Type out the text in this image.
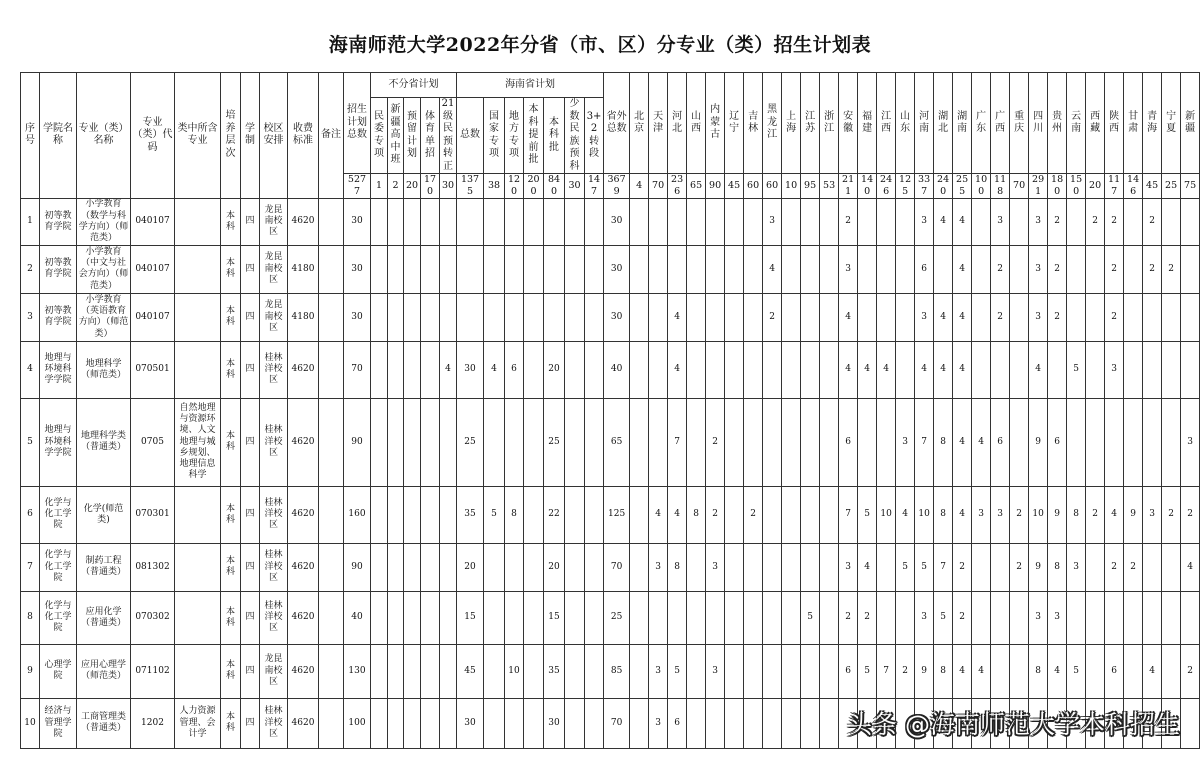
海南师范大学2022年分省（市、区）分专业（类）招生计划表
序号	学院名称	专业（类）名称	专业（类）代码	类中所含专业	培养层次	学制	校区安排	收费标准	备注	招生计划总数	不分省计划					海南省计划							省外总数	北京	天津	河北	山西	内蒙古	辽宁	吉林	黑龙江	上海	江苏	浙江	安徽	福建	江西	山东	河南	湖北	湖南	广东	广西	重庆	四川	贵州	云南	西藏	陕西	甘肃	青海	宁夏	新疆
											民委专项	新疆高中班	预留计划	体育单招	21级民预转正	总数	国家专项	地方专项	本科提前批	本科批	少数民族预科	3+2转段																															
										5277	1	2	20	170	30	1375	38	120	200	840	30	147	3679	4	70	236	65	90	45	60	60	10	95	53	211	140	246	125	337	240	255	100	118	70	291	180	150	20	117	146	45	25	75
1	初等教育学院	小学教育（数学与科学方向）（师范类）	040107		本科	四	龙昆南校区	4620		30													30								3				2				3	4	4		3		3	2		2	2		2		
2	初等教育学院	小学教育（中文与社会方向）（师范类）	040107		本科	四	龙昆南校区	4180		30													30								4				3				6		4		2		3	2			2		2	2	
3	初等教育学院	小学教育（英语教育方向）（师范类）	040107		本科	四	龙昆南校区	4180		30													30			4					2				4				3	4	4		2		3	2			2				
4	地理与环境科学学院	地理科学（师范类）	070501		本科	四	桂林洋校区	4620		70					4	30	4	6		20			40			4									4	4	4		4	4	4				4		5		3				
5	地理与环境科学学院	地理科学类（普通类）	0705	自然地理与资源环境、人文地理与城乡规划、地理信息科学	本科	四	桂林洋校区	4620		90						25				25			65			7		2							6			3	7	8	4	4	6		9	6							3
6	化学与化工学院	化学(师范类)	070301		本科	四	桂林洋校区	4620		160						35	5	8		22			125		4	4	8	2		2					7	5	10	4	10	8	4	3	3	2	10	9	8	2	4	9	3	2	2
7	化学与化工学院	制药工程（普通类）	081302		本科	四	桂林洋校区	4620		90						20				20			70		3	8		3							3	4		5	5	7	2			2	9	8	3		2	2			4
8	化学与化工学院	应用化学（普通类）	070302		本科	四	桂林洋校区	4620		40						15				15			25										5		2	2			3	5	2				3	3							
9	心理学院	应用心理学（师范类）	071102		本科	四	龙昆南校区	4620		130						45		10		35			85		3	5		3							6	5	7	2	9	8	4	4			8	4	5		6		4		2
10	经济与管理学院	工商管理类（普通类）	1202	人力资源管理、会计学	本科	四	桂林洋校区	4620		100						30				30			70		3	6																												头条 @海南师范大学本科招生
